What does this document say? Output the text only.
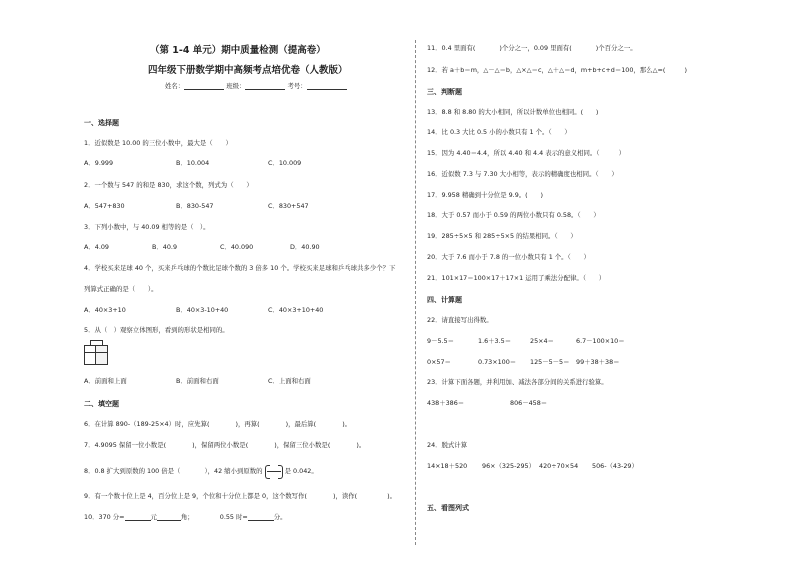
（第 1-4 单元）期中质量检测（提高卷）
四年级下册数学期中高频考点培优卷（人教版）
姓名：	班级：	考号：
一、选择题
1．近似数是 10.00 的三位小数中，最大是（　　）
A．9.999	B．10.004	C．10.009
2．一个数与 547 的和是 830，求这个数，列式为（　　）
A．547+830	B．830-547	C．830+547
3．下列小数中，与 40.09 相等的是（　）。
A．4.09	B．40.9	C．40.090	D．40.90
4．学校买来足球 40 个，买来乒乓球的个数比足球个数的 3 倍多 10 个。学校买来足球和乒乓球共多少个？下
列算式正确的是（　　）。
A．40×3+10	B．40×3-10+40	C．40×3+10+40
5．从（　）观察立体图形，看到的形状是相同的。
A．前面和上面	B．前面和右面	C．上面和右面
二、填空题
6．在计算 890-（189-25×4）时，应先算(	)，再算(	)，最后算(	)。
7．4.9095 保留一位小数是(	)，保留两位小数是(	)，保留三位小数是(	)。
8．0.8 扩大到原数的 100 倍是（	），42 缩小到原数的	是 0.042。
9．有一个数十位上是 4，百分位上是 9，个位和十分位上都是 0，这个数写作(	)，读作(	)。
10．370 分=	元	角；	0.55 时=	分。
11．0.4 里面有(	)个分之一，0.09 里面有(	)个百分之一。
12．若 a＋b＝m，△－△＝b，△×△＝c，△＋△＝d，m+b+c+d＝100，那么△=(　　　)
三、判断题
13．8.8 和 8.80 的大小相同，所以计数单位也相同。(　　)
14．比 0.3 大比 0.5 小的小数只有 1 个。（　　）
15．因为 4.40＝4.4，所以 4.40 和 4.4 表示的意义相同。（　　　）
16．近似数 7.3 与 7.30 大小相等，表示的精确度也相同。（　　）
17．9.958 精确到十分位是 9.9。(　　)
18．大于 0.57 而小于 0.59 的两位小数只有 0.58。（　　）
19．285÷5×5 和 285÷5×5 的结果相同。（　　）
20．大于 7.6 而小于 7.8 的一位小数只有 1 个。（　　）
21．101×17＝100×17＋17×1 运用了乘法分配律。（　　）
四、计算题
22．请直接写出得数。
9－5.5＝	1.6＋3.5＝	25×4＝	6.7－100×10＝
0×57＝	0.73×100＝ 125－5－5＝ 99＋38＋38＝
23．计算下面各题，并利用加、减法各部分间的关系进行验算。
438＋386＝	806－458＝
24．脱式计算
14×18＋520 96×（325-295） 420÷70×54 506-（43-29）
五、看图列式
